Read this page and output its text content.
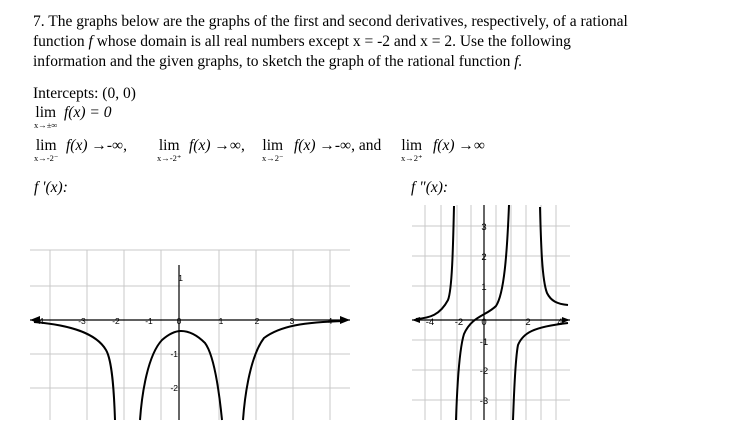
7. The graphs below are the graphs of the first and second derivatives, respectively, of a rational
function f whose domain is all real numbers except x = -2 and x = 2. Use the following
information and the given graphs, to sketch the graph of the rational function f.
Intercepts: (0, 0)
lim
x→±∞
f(x) = 0
lim
x→-2⁻
f(x) →-∞, lim
x→-2⁺
f(x) →∞, lim
x→2⁻
f(x) →-∞, and lim
x→2⁺
f(x) →∞
f '(x):	f "(x):
-4	-3	-2	-1	0	1	2	3	4
1
-1
-2
-4 -2 0	2	4
3
2
1
-1
-2
-3
